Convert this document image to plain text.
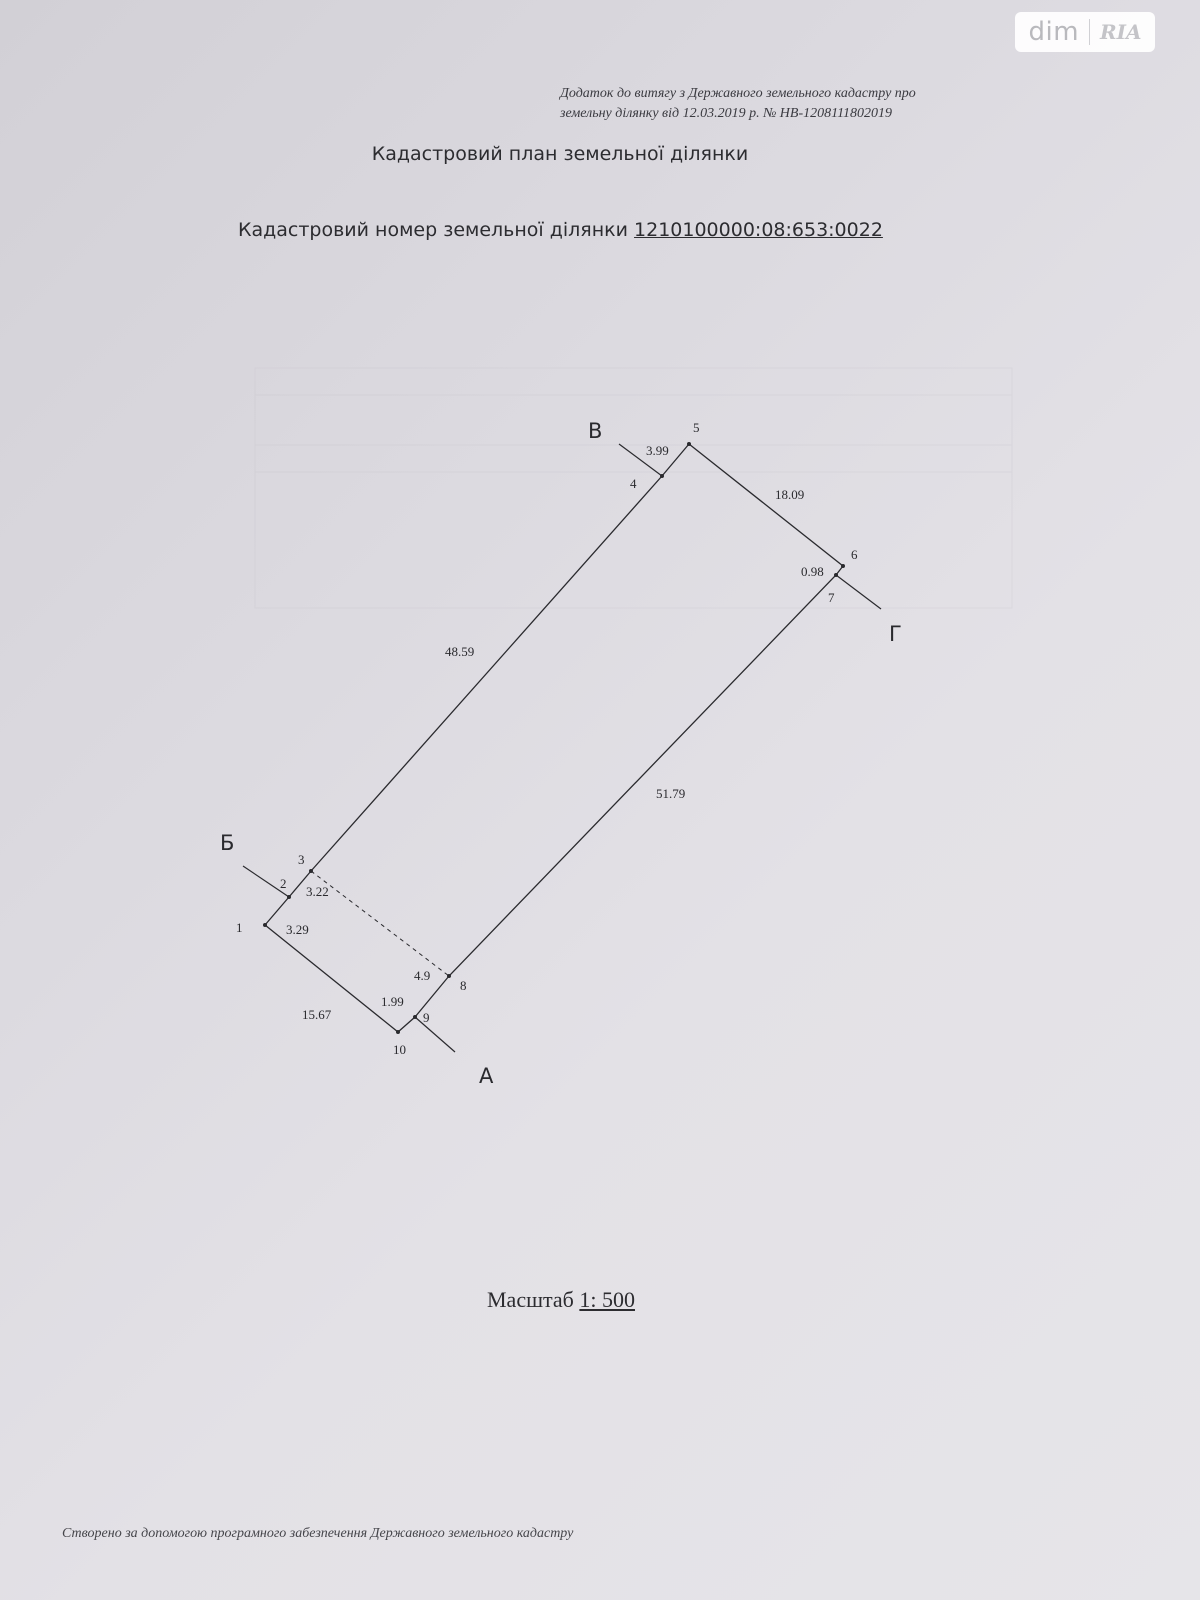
dim RIA
Додаток до витягу з Державного земельного кадастру про
земельну ділянку від 12.03.2019 р. № НВ-1208111802019
Кадастровий план земельної ділянки
Кадастровий номер земельної ділянки 1210100000:08:653:0022
1
2
3
4
5
6
7
8
9
10
3.29
3.22
48.59
3.99
18.09
0.98
51.79
4.9
1.99
15.67
А
Б
В
Г
Масштаб 1: 500
Створено за допомогою програмного забезпечення Державного земельного кадастру
